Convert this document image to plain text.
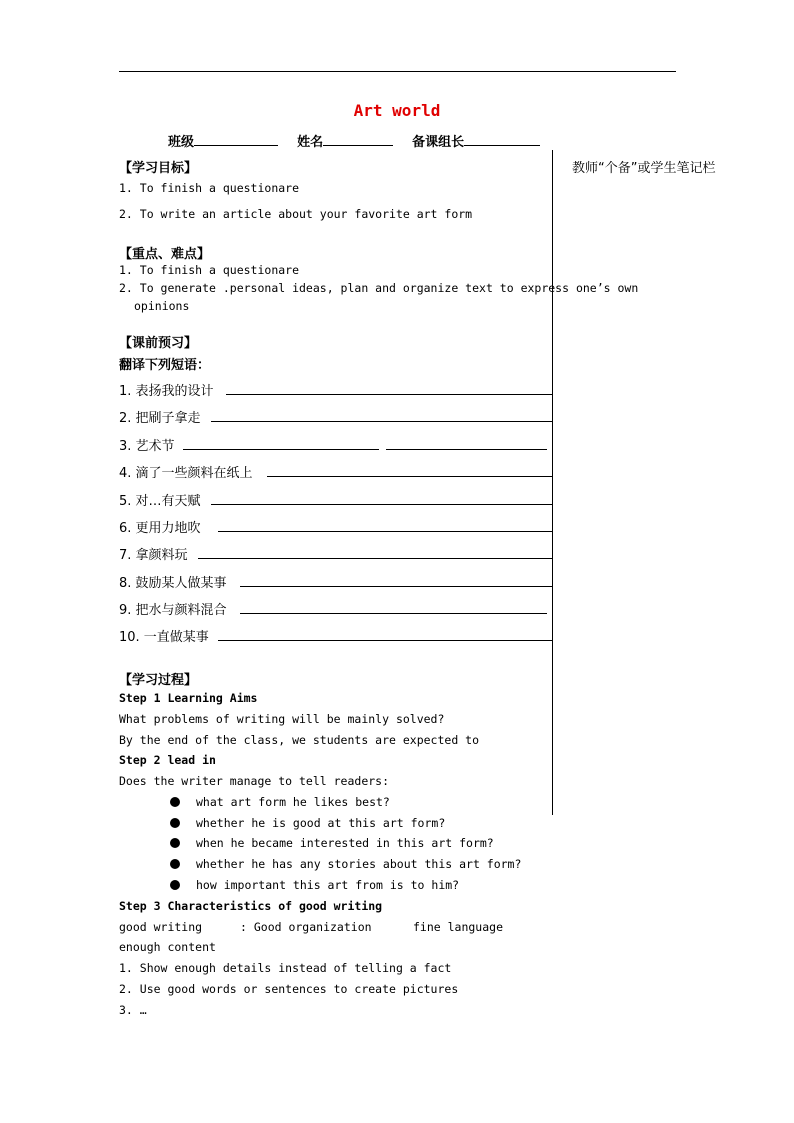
Art world
班级	姓名	备课组长
教师“个备”或学生笔记栏
【学习目标】
1. To finish a questionare
2. To write an article about your favorite art form
【重点、难点】
1. To finish a questionare
2. To generate .personal ideas, plan and organize text to express one’s own
opinions
【课前预习】
翻译下列短语：
1. 表扬我的设计
2. 把刷子拿走
3. 艺术节
4. 滴了一些颜料在纸上
5. 对…有天赋
6. 更用力地吹
7. 拿颜料玩
8. 鼓励某人做某事
9. 把水与颜料混合
10. 一直做某事
【学习过程】
Step 1 Learning Aims
What problems of writing will be mainly solved?
By the end of the class, we students are expected to
Step 2 lead in
Does the writer manage to tell readers:
what art form he likes best?
whether he is good at this art form?
when he became interested in this art form?
whether he has any stories about this art form?
how important this art from is to him?
Step 3 Characteristics of good writing
good writing	: Good organization	fine language
enough content
1. Show enough details instead of telling a fact
2. Use good words or sentences to create pictures
3. …
